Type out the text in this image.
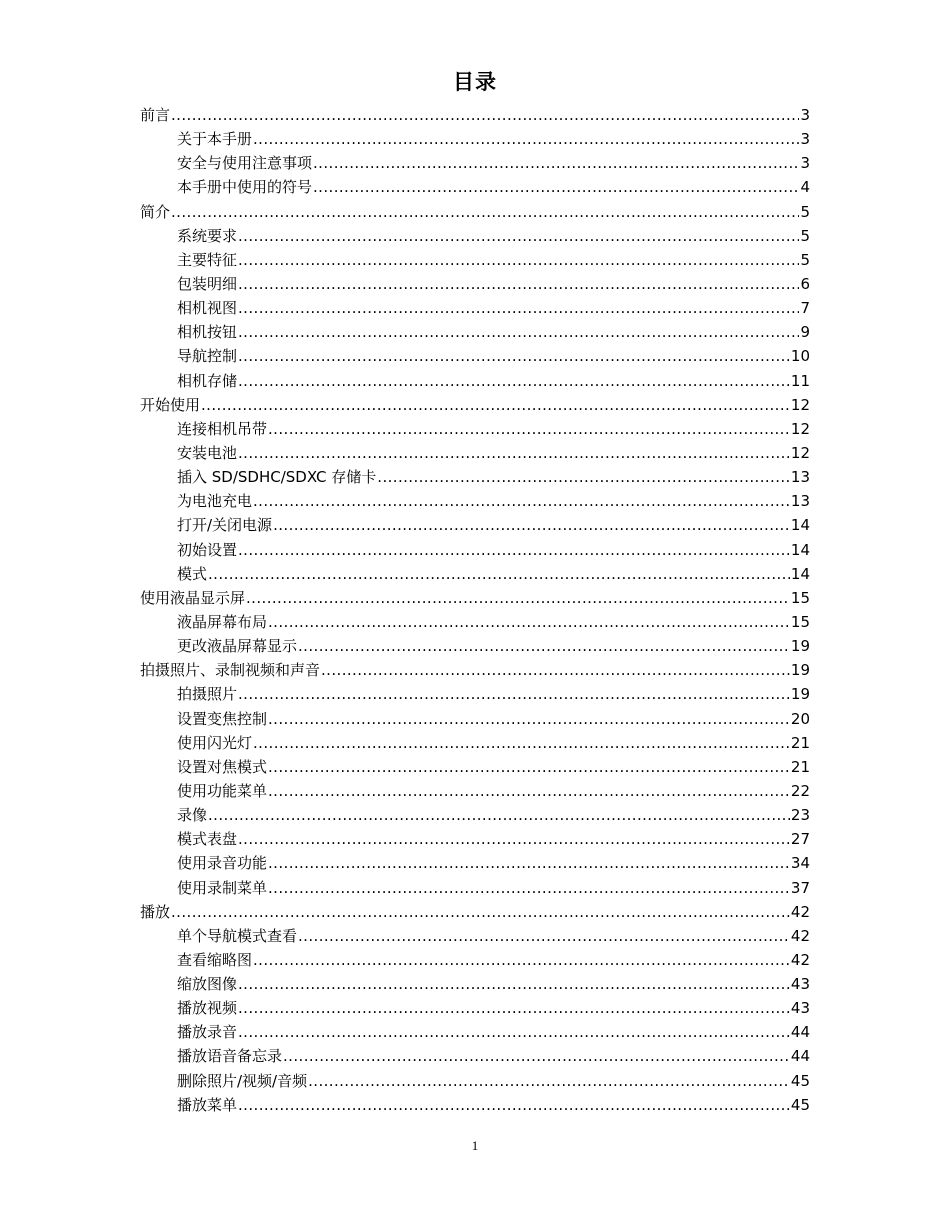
目录
前言 .....	3
关于本手册 .....	3
安全与使用注意事项 .....	3
本手册中使用的符号 .....	4
简介 .....	5
系统要求 .....	5
主要特征 .....	5
包装明细 .....	6
相机视图 .....	7
相机按钮 .....	9
导航控制 .....	10
相机存储 .....	11
开始使用 .....	12
连接相机吊带 .....	12
安装电池 .....	12
插入 SD/SDHC/SDXC 存储卡 .....	13
为电池充电 .....	13
打开/关闭电源 .....	14
初始设置 .....	14
模式 .....	14
使用液晶显示屏 .....	15
液晶屏幕布局 .....	15
更改液晶屏幕显示 .....	19
拍摄照片、录制视频和声音 .....	19
拍摄照片 .....	19
设置变焦控制 .....	20
使用闪光灯 .....	21
设置对焦模式 .....	21
使用功能菜单 .....	22
录像 .....	23
模式表盘 .....	27
使用录音功能 .....	34
使用录制菜单 .....	37
播放 .....	42
单个导航模式查看 .....	42
查看缩略图 .....	42
缩放图像 .....	43
播放视频 .....	43
播放录音 .....	44
播放语音备忘录 .....	44
删除照片/视频/音频 .....	45
播放菜单 .....	45
1
